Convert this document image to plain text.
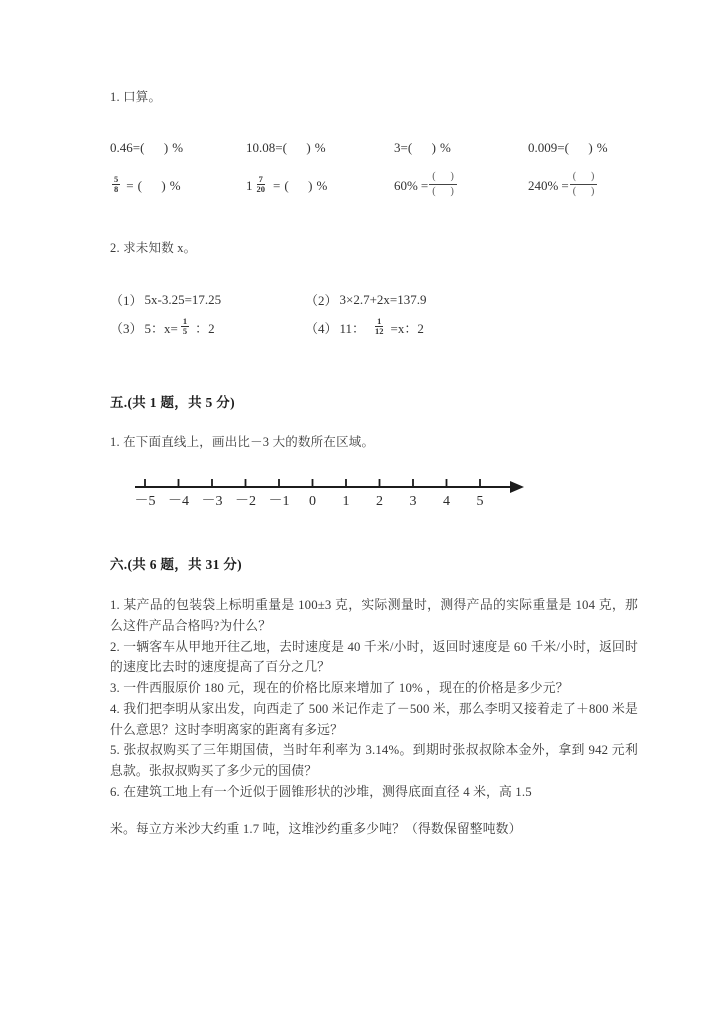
1. 口算。
0.46= (      ) %	10.08= (      ) %	3= (      ) %	0.009= (      ) %
$\frac{5}{8}$ = (      ) %	$1 \frac{7}{20}$ = (      ) %	$60\% = \frac{( )}{( )}$	$240\% = \frac{( )}{( )}$
2. 求未知数 x。
（1） 5x-3.25=17.25	（2） 3×2.7+2x=137.9
（3） 5：$x= \frac{1}{5}$ ：2	（4） 11： $\frac{1}{12} =x$：2
五.(共 1 题，共 5 分)
1. 在下面直线上，画出比－3 大的数所在区域。
－5 －4 －3 －2 －1 0 1 2 3 4 5
六.(共 6 题，共 31 分)
1. 某产品的包装袋上标明重量是 100±3 克，实际测量时，测得产品的实际重量是 104 克，那么这件产品合格吗?为什么？
2. 一辆客车从甲地开往乙地，去时速度是 40 千米/小时，返回时速度是 60 千米/小时，返回时的速度比去时的速度提高了百分之几？
3. 一件西服原价 180 元，现在的价格比原来增加了 10% ，现在的价格是多少元？
4. 我们把李明从家出发，向西走了 500 米记作走了－500 米，那么李明又接着走了＋800 米是什么意思？这时李明离家的距离有多远？
5. 张叔叔购买了三年期国债，当时年利率为 3.14%。到期时张叔叔除本金外，拿到 942 元利息款。张叔叔购买了多少元的国债？
6. 在建筑工地上有一个近似于圆锥形状的沙堆，测得底面直径 4 米，高 1.5
米。每立方米沙大约重 1.7 吨，这堆沙约重多少吨？（得数保留整吨数）
